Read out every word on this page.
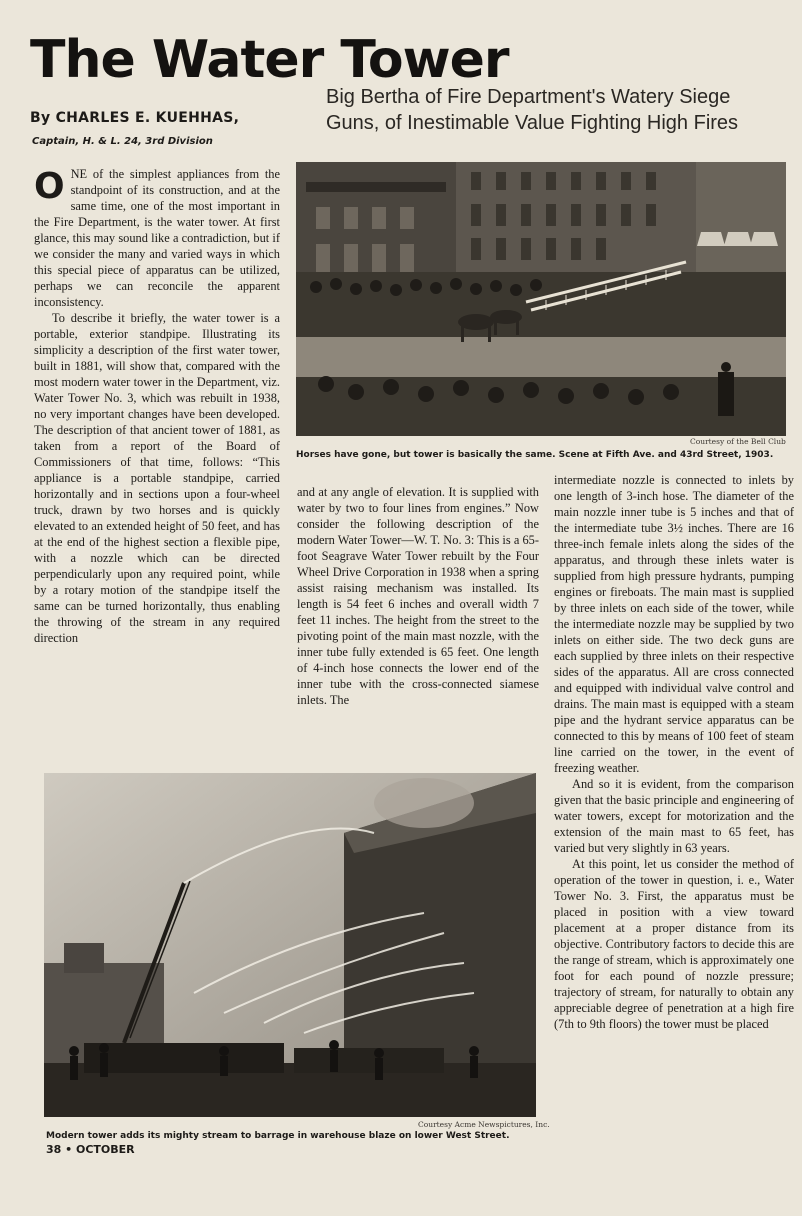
The Water Tower
By CHARLES E. KUEHHAS,
Captain, H. & L. 24, 3rd Division
Big Bertha of Fire Department's Watery Siege
Guns, of Inestimable Value Fighting High Fires

ONE of the simplest appliances from the standpoint of its construction, and at the same time, one of the most important in the Fire Department, is the water tower. At first glance, this may sound like a contradiction, but if we consider the many and varied ways in which this special piece of apparatus can be utilized, perhaps we can reconcile the apparent inconsistency.

To describe it briefly, the water tower is a portable, exterior standpipe. Illustrating its simplicity a description of the first water tower, built in 1881, will show that, compared with the most modern water tower in the Department, viz. Water Tower No. 3, which was rebuilt in 1938, no very important changes have been developed. The description of that ancient tower of 1881, as taken from a report of the Board of Commissioners of that time, follows: “This appliance is a portable standpipe, carried horizontally and in sections upon a four-wheel truck, drawn by two horses and is quickly elevated to an extended height of 50 feet, and has at the end of the highest section a flexible pipe, with a nozzle which can be directed perpendicularly upon any required point, while by a rotary motion of the standpipe itself the same can be turned horizontally, thus enabling the throwing of the stream in any required direction

Courtesy of the Bell Club
Horses have gone, but tower is basically the same. Scene at Fifth Ave. and 43rd Street, 1903.

and at any angle of elevation. It is supplied with water by two to four lines from engines.” Now consider the following description of the modern Water Tower—W. T. No. 3: This is a 65-foot Seagrave Water Tower rebuilt by the Four Wheel Drive Corporation in 1938 when a spring assist raising mechanism was installed. Its length is 54 feet 6 inches and overall width 7 feet 11 inches. The height from the street to the pivoting point of the main mast nozzle, with the inner tube fully extended is 65 feet. One length of 4-inch hose connects the lower end of the inner tube with the cross-connected siamese inlets. The

intermediate nozzle is connected to inlets by one length of 3-inch hose. The diameter of the main nozzle inner tube is 5 inches and that of the intermediate tube 3½ inches. There are 16 three-inch female inlets along the sides of the apparatus, and through these inlets water is supplied from high pressure hydrants, pumping engines or fireboats. The main mast is supplied by three inlets on each side of the tower, while the intermediate nozzle may be supplied by two inlets on either side. The two deck guns are each supplied by three inlets on their respective sides of the apparatus. All are cross connected and equipped with individual valve control and drains. The main mast is equipped with a steam pipe and the hydrant service apparatus can be connected to this by means of 100 feet of steam line carried on the tower, in the event of freezing weather.

And so it is evident, from the comparison given that the basic principle and engineering of water towers, except for motorization and the extension of the main mast to 65 feet, has varied but very slightly in 63 years.

At this point, let us consider the method of operation of the tower in question, i. e., Water Tower No. 3. First, the apparatus must be placed in position with a view toward placement at a proper distance from its objective. Contributory factors to decide this are the range of stream, which is approximately one foot for each pound of nozzle pressure; trajectory of stream, for naturally to obtain any appreciable degree of penetration at a high fire (7th to 9th floors) the tower must be placed

Courtesy Acme Newspictures, Inc.
Modern tower adds its mighty stream to barrage in warehouse blaze on lower West Street.
38 • OCTOBER
